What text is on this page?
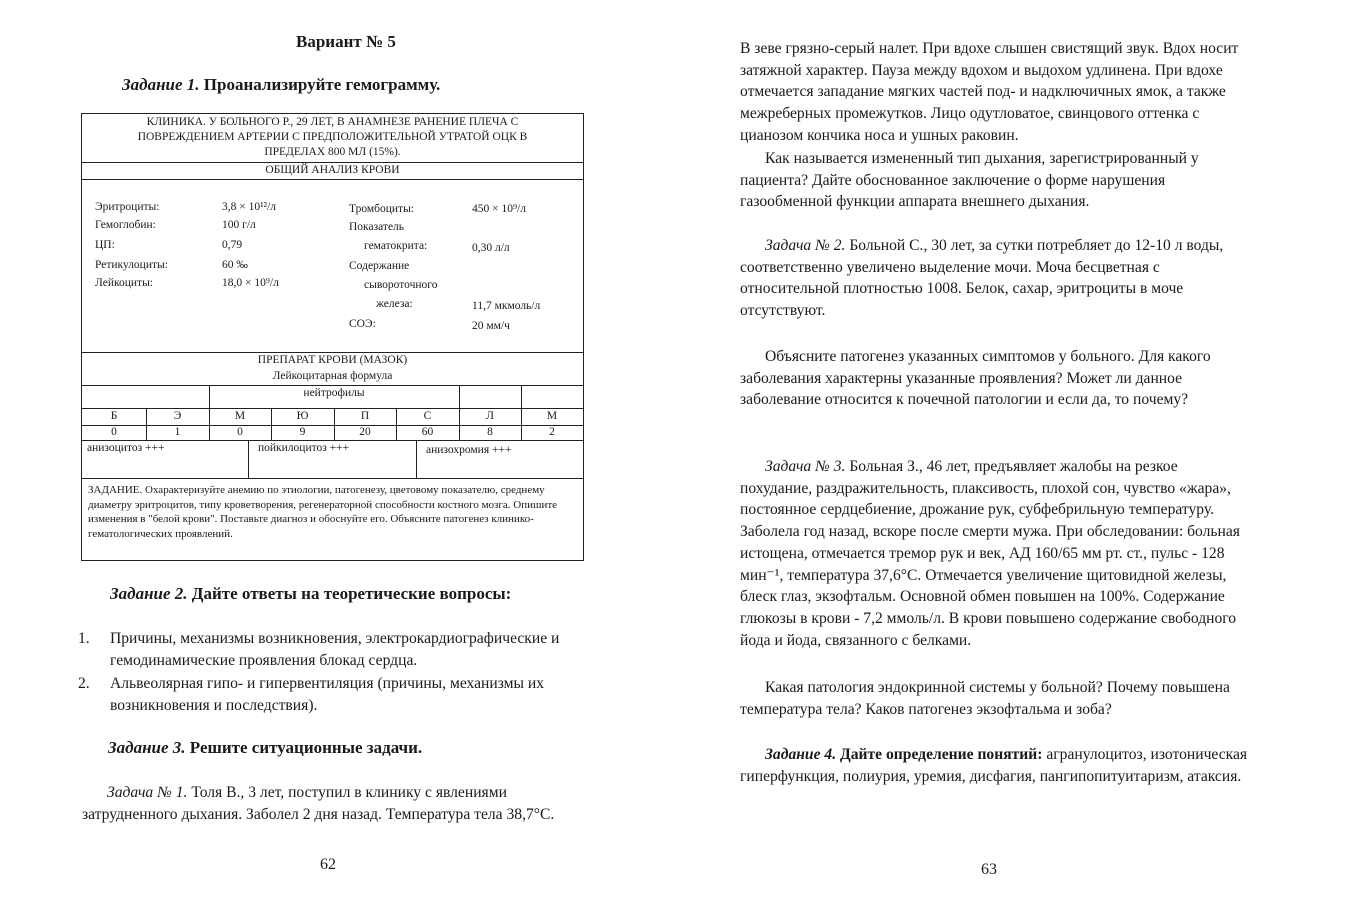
Вариант № 5
Задание 1. Проанализируйте гемограмму.
КЛИНИКА. У БОЛЬНОГО Р., 29 ЛЕТ, В АНАМНЕЗЕ РАНЕНИЕ ПЛЕЧА С
ПОВРЕЖДЕНИЕМ АРТЕРИИ С ПРЕДПОЛОЖИТЕЛЬНОЙ УТРАТОЙ ОЦК В
ПРЕДЕЛАХ 800 МЛ (15%).
ОБЩИЙ АНАЛИЗ КРОВИ
Эритроциты:	3,8 × 10¹²/л
Гемоглобин:	100 г/л
ЦП:	0,79
Ретикулоциты:	60 ‰
Лейкоциты:	18,0 × 10⁹/л
Тромбоциты:	450 × 10⁹/л
Показатель
гематокрита:	0,30 л/л
Содержание
сывороточного
железа:	11,7 мкмоль/л
СОЭ:	20 мм/ч
ПРЕПАРАТ КРОВИ (МАЗОК)
Лейкоцитарная формула
нейтрофилы
Б	Э	М	Ю	П	С	Л	М
0	1	0	9	20	60	8	2
анизоцитоз +++	пойкилоцитоз +++	анизохромия +++
ЗАДАНИЕ. Охарактеризуйте анемию по этиологии, патогенезу, цветовому показателю, среднему диаметру эритроцитов, типу кроветворения, регенераторной способности костного мозга. Опишите изменения в "белой крови". Поставьте диагноз и обоснуйте его. Объясните патогенез клинико-гематологических проявлений.
Задание 2. Дайте ответы на теоретические вопросы:
1. Причины, механизмы возникновения, электрокардиографические и гемодинамические проявления блокад сердца.
2. Альвеолярная гипо- и гипервентиляция (причины, механизмы их возникновения и последствия).
Задание 3. Решите ситуационные задачи.

Задача № 1. Толя В., 3 лет, поступил в клинику с явлениями затрудненного дыхания. Заболел 2 дня назад. Температура тела 38,7°С.

62

В зеве грязно-серый налет. При вдохе слышен свистящий звук. Вдох носит затяжной характер. Пауза между вдохом и выдохом удлинена. При вдохе отмечается западание мягких частей под- и надключичных ямок, а также межреберных промежутков. Лицо одутловатое, свинцового оттенка с цианозом кончика носа и ушных раковин.

Как называется измененный тип дыхания, зарегистрированный у пациента? Дайте обоснованное заключение о форме нарушения газообменной функции аппарата внешнего дыхания.

Задача № 2. Больной С., 30 лет, за сутки потребляет до 12-10 л воды, соответственно увеличено выделение мочи. Моча бесцветная с относительной плотностью 1008. Белок, сахар, эритроциты в моче отсутствуют.

Объясните патогенез указанных симптомов у больного. Для какого заболевания характерны указанные проявления? Может ли данное заболевание относится к почечной патологии и если да, то почему?

Задача № 3. Больная З., 46 лет, предъявляет жалобы на резкое похудание, раздражительность, плаксивость, плохой сон, чувство «жара», постоянное сердцебиение, дрожание рук, субфебрильную температуру. Заболела год назад, вскоре после смерти мужа. При обследовании: больная истощена, отмечается тремор рук и век, АД 160/65 мм рт. ст., пульс - 128 мин⁻¹, температура 37,6°С. Отмечается увеличение щитовидной железы, блеск глаз, экзофтальм. Основной обмен повышен на 100%. Содержание глюкозы в крови - 7,2 ммоль/л. В крови повышено содержание свободного йода и йода, связанного с белками.

Какая патология эндокринной системы у больной? Почему повышена температура тела? Каков патогенез экзофтальма и зоба?

Задание 4. Дайте определение понятий: агранулоцитоз, изотоническая гиперфункция, полиурия, уремия, дисфагия, пангипопитуитаризм, атаксия.

63
